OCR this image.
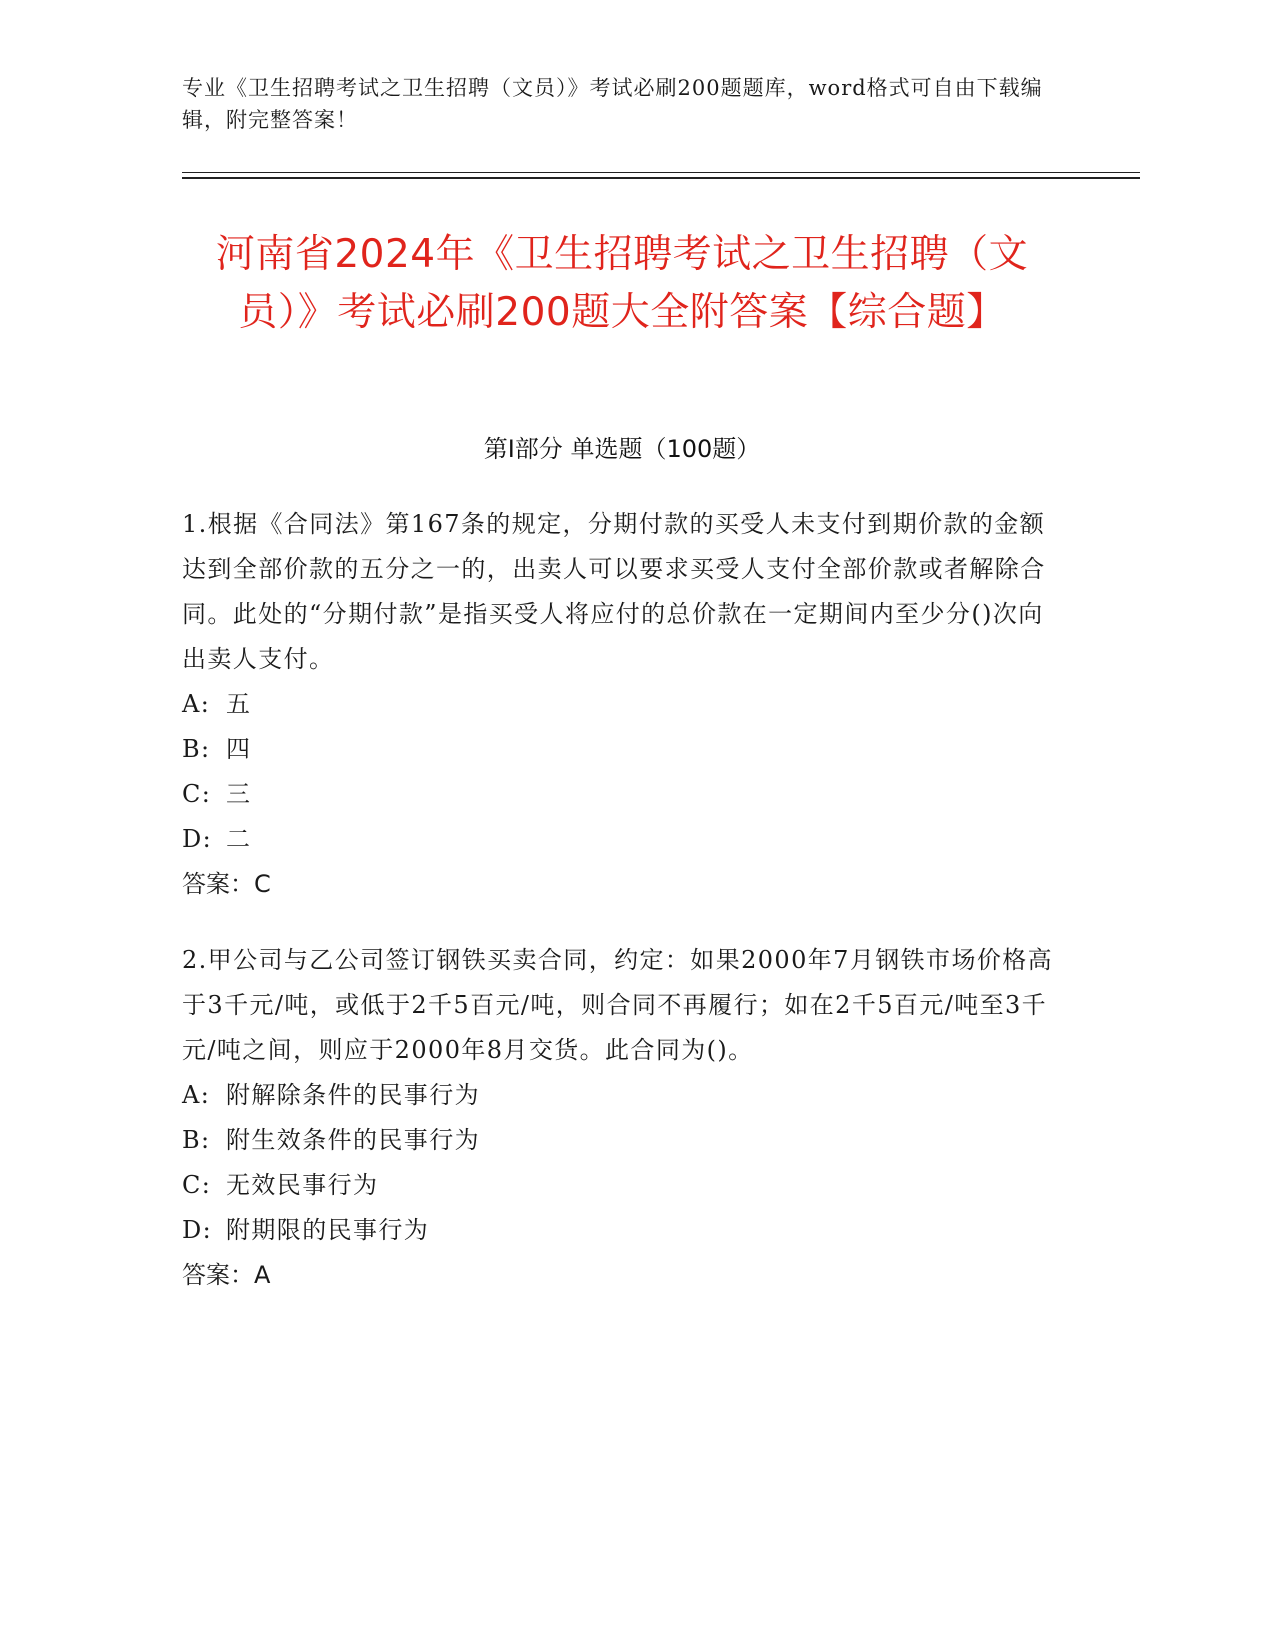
专业《卫生招聘考试之卫生招聘（文员）》考试必刷200题题库，word格式可自由下载编辑，附完整答案！
河南省2024年《卫生招聘考试之卫生招聘（文员）》考试必刷200题大全附答案【综合题】
第I部分 单选题（100题）
1.根据《合同法》第167条的规定，分期付款的买受人未支付到期价款的金额达到全部价款的五分之一的，出卖人可以要求买受人支付全部价款或者解除合同。此处的“分期付款”是指买受人将应付的总价款在一定期间内至少分()次向出卖人支付。
A: 五
B: 四
C: 三
D: 二
答案：C
2.甲公司与乙公司签订钢铁买卖合同，约定：如果2000年7月钢铁市场价格高于3千元/吨，或低于2千5百元/吨，则合同不再履行；如在2千5百元/吨至3千元/吨之间，则应于2000年8月交货。此合同为()。
A: 附解除条件的民事行为
B: 附生效条件的民事行为
C: 无效民事行为
D: 附期限的民事行为
答案：A
